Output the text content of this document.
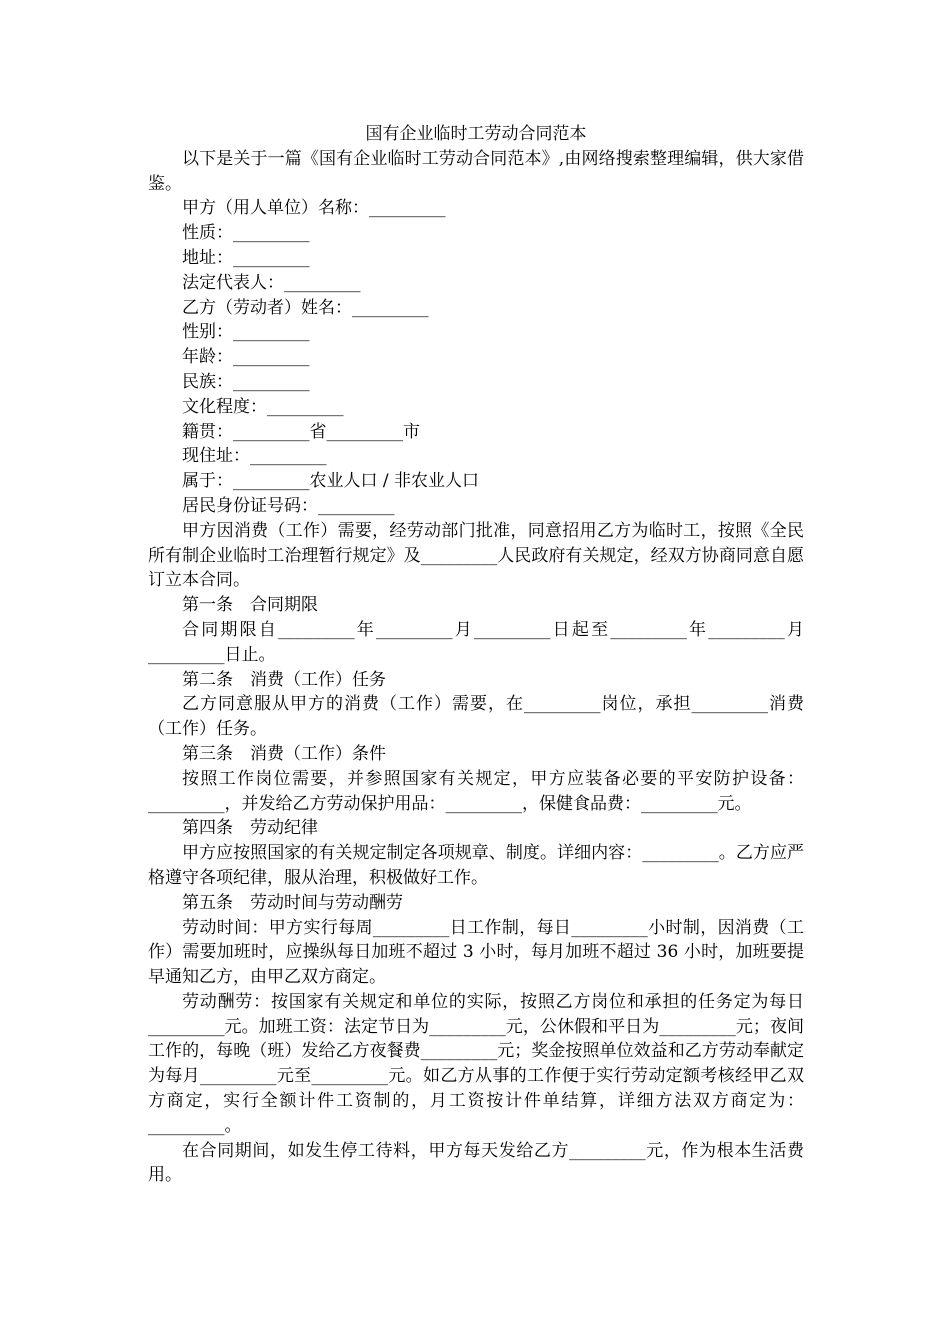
国有企业临时工劳动合同范本

以下是关于一篇《国有企业临时工劳动合同范本》,由网络搜索整理编辑，供大家借鉴。

甲方（用人单位）名称：_________

性质：_________

地址：_________

法定代表人：_________

乙方（劳动者）姓名：_________

性别：_________

年龄：_________

民族：_________

文化程度：_________

籍贯：_________省_________市

现住址：_________

属于：_________农业人口 / 非农业人口

居民身份证号码：_________

甲方因消费（工作）需要，经劳动部门批准，同意招用乙方为临时工，按照《全民所有制企业临时工治理暂行规定》及_________人民政府有关规定，经双方协商同意自愿订立本合同。

第一条　合同期限

合同期限自_________年_________月_________日起至_________年_________月_________日止。

第二条　消费（工作）任务

乙方同意服从甲方的消费（工作）需要，在_________岗位，承担_________消费（工作）任务。

第三条　消费（工作）条件

按照工作岗位需要，并参照国家有关规定，甲方应装备必要的平安防护设备：_________，并发给乙方劳动保护用品：_________，保健食品费：_________元。

第四条　劳动纪律

甲方应按照国家的有关规定制定各项规章、制度。详细内容：_________。乙方应严格遵守各项纪律，服从治理，积极做好工作。

第五条　劳动时间与劳动酬劳

劳动时间：甲方实行每周_________日工作制，每日_________小时制，因消费（工作）需要加班时，应操纵每日加班不超过 3 小时，每月加班不超过 36 小时，加班要提早通知乙方，由甲乙双方商定。

劳动酬劳：按国家有关规定和单位的实际，按照乙方岗位和承担的任务定为每日_________元。加班工资：法定节日为_________元，公休假和平日为_________元；夜间工作的，每晚（班）发给乙方夜餐费_________元；奖金按照单位效益和乙方劳动奉献定为每月_________元至_________元。如乙方从事的工作便于实行劳动定额考核经甲乙双方商定，实行全额计件工资制的，月工资按计件单结算，详细方法双方商定为：_________。

在合同期间，如发生停工待料，甲方每天发给乙方_________元，作为根本生活费用。
